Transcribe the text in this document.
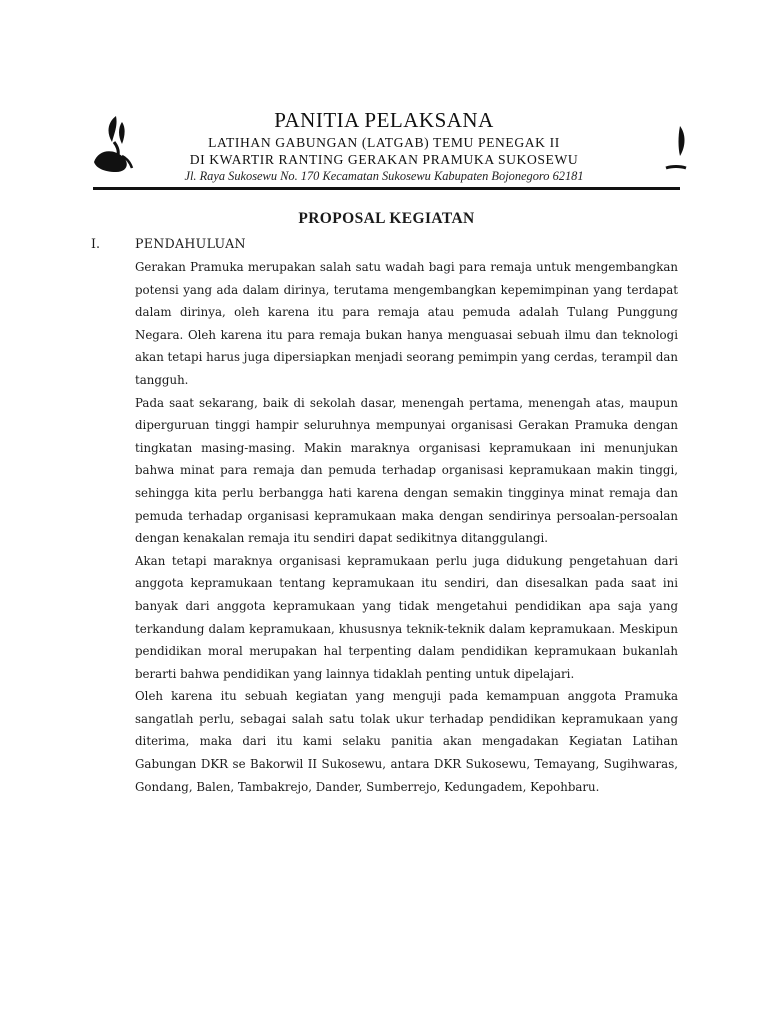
PANITIA PELAKSANA
LATIHAN GABUNGAN (LATGAB) TEMU PENEGAK II
DI KWARTIR RANTING GERAKAN PRAMUKA SUKOSEWU
Jl. Raya Sukosewu No. 170 Kecamatan Sukosewu Kabupaten Bojonegoro 62181
PROPOSAL KEGIATAN
I.	PENDAHULUAN

Gerakan Pramuka merupakan salah satu wadah bagi para remaja untuk mengembangkan potensi yang ada dalam dirinya, terutama mengembangkan kepemimpinan yang terdapat dalam dirinya, oleh karena itu para remaja atau pemuda adalah Tulang Punggung Negara. Oleh karena itu para remaja bukan hanya menguasai sebuah ilmu dan teknologi akan tetapi harus juga dipersiapkan menjadi seorang pemimpin yang cerdas, terampil dan tangguh.

Pada saat sekarang, baik di sekolah dasar, menengah pertama, menengah atas, maupun diperguruan tinggi hampir seluruhnya mempunyai organisasi Gerakan Pramuka dengan tingkatan masing-masing. Makin maraknya organisasi kepramukaan ini menunjukan bahwa minat para remaja dan pemuda terhadap organisasi kepramukaan makin tinggi, sehingga kita perlu berbangga hati karena dengan semakin tingginya minat remaja dan pemuda terhadap organisasi kepramukaan maka dengan sendirinya persoalan-persoalan dengan kenakalan remaja itu sendiri dapat sedikitnya ditanggulangi.

Akan tetapi maraknya organisasi kepramukaan perlu juga didukung pengetahuan dari anggota kepramukaan tentang kepramukaan itu sendiri, dan disesalkan pada saat ini banyak dari anggota kepramukaan yang tidak mengetahui pendidikan apa saja yang terkandung dalam kepramukaan, khususnya teknik-teknik dalam kepramukaan. Meskipun pendidikan moral merupakan hal terpenting dalam pendidikan kepramukaan bukanlah berarti bahwa pendidikan yang lainnya tidaklah penting untuk dipelajari.

Oleh karena itu sebuah kegiatan yang menguji pada kemampuan anggota Pramuka sangatlah perlu, sebagai salah satu tolak ukur terhadap pendidikan kepramukaan yang diterima, maka dari itu kami selaku panitia akan mengadakan Kegiatan Latihan Gabungan DKR se Bakorwil II Sukosewu, antara DKR Sukosewu, Temayang, Sugihwaras, Gondang, Balen, Tambakrejo, Dander, Sumberrejo, Kedungadem, Kepohbaru.
